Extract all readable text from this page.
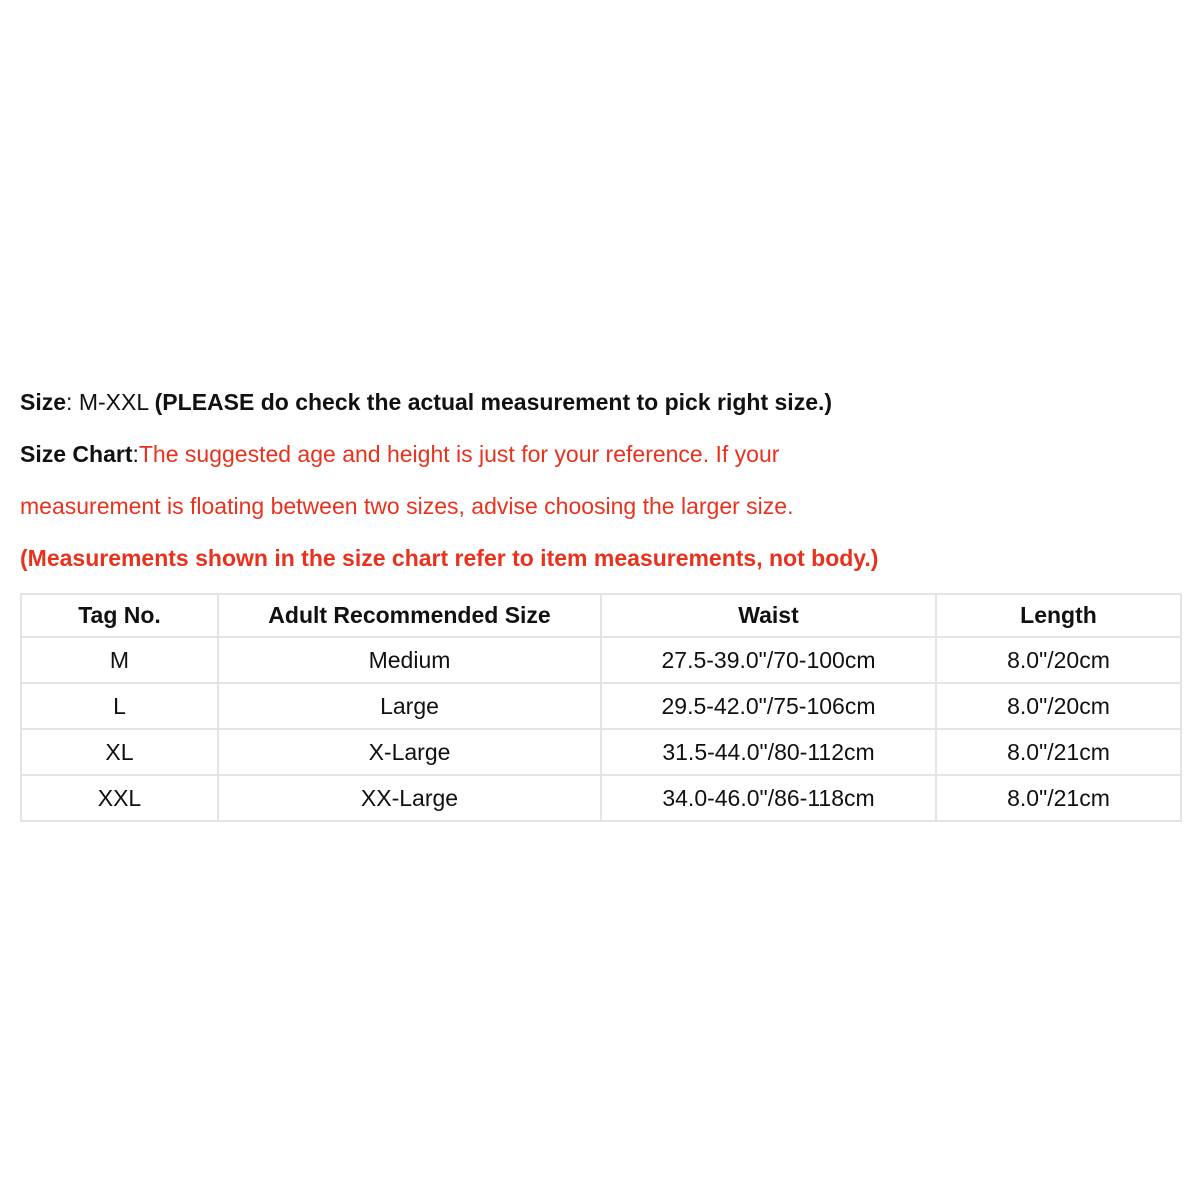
Size: M-XXL (PLEASE do check the actual measurement to pick right size.)
Size Chart:The suggested age and height is just for your reference. If your
measurement is floating between two sizes, advise choosing the larger size.
(Measurements shown in the size chart refer to item measurements, not body.)
Tag No.	Adult Recommended Size	Waist	Length
M	Medium	27.5-39.0"/70-100cm	8.0"/20cm
L	Large	29.5-42.0"/75-106cm	8.0"/20cm
XL	X-Large	31.5-44.0"/80-112cm	8.0"/21cm
XXL	XX-Large	34.0-46.0"/86-118cm	8.0"/21cm
